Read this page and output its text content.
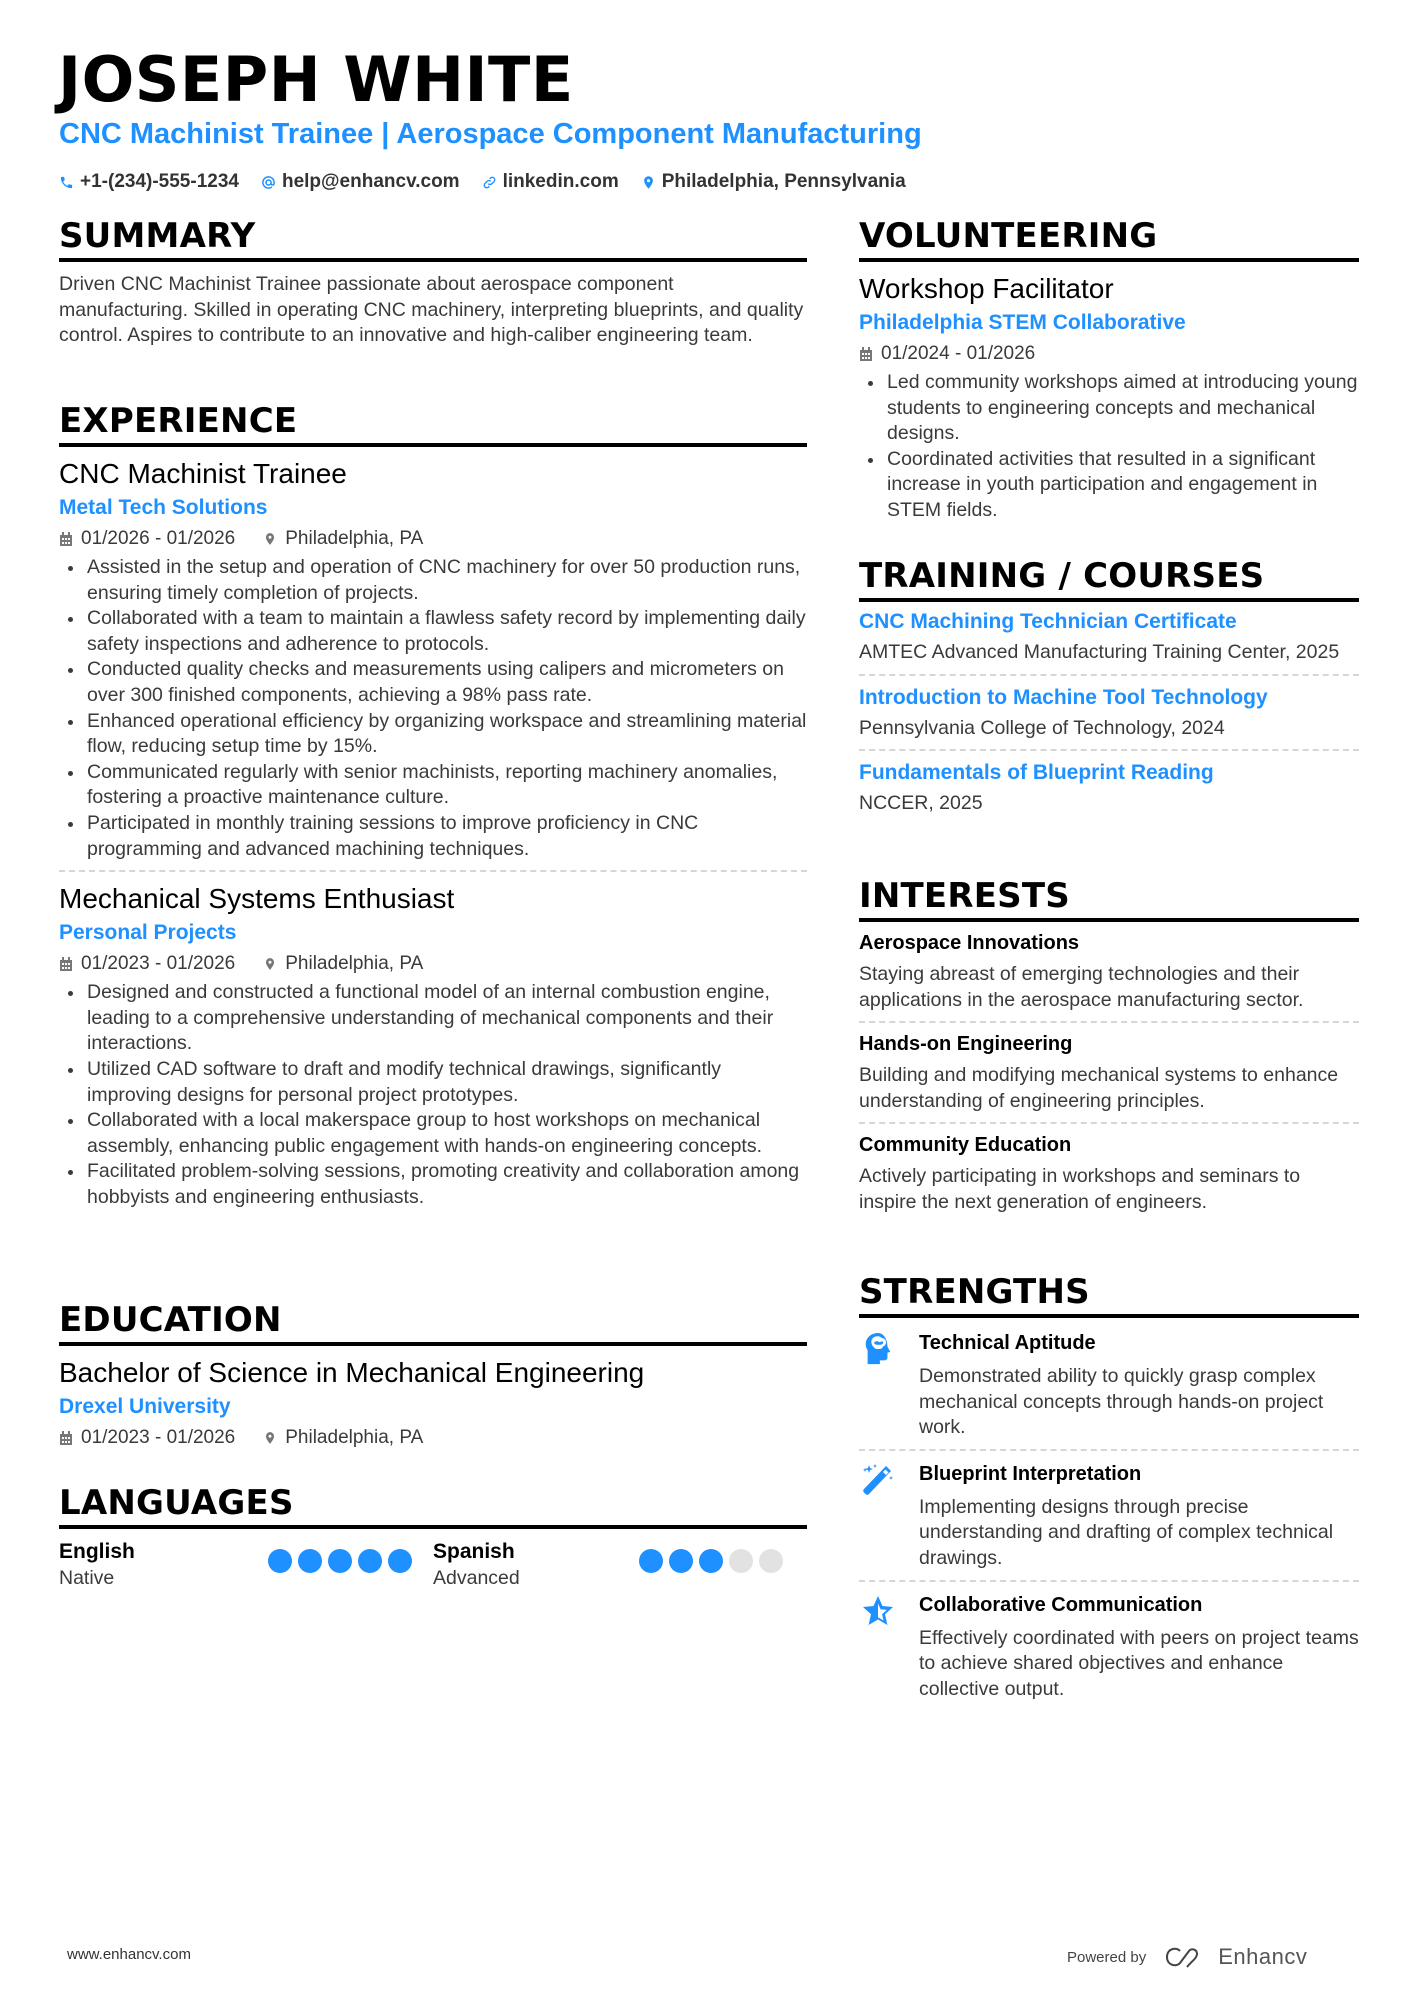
JOSEPH WHITE
CNC Machinist Trainee | Aerospace Component Manufacturing
+1-(234)-555-1234 help@enhancv.com linkedin.com Philadelphia, Pennsylvania
SUMMARY
Driven CNC Machinist Trainee passionate about aerospace component manufacturing. Skilled in operating CNC machinery, interpreting blueprints, and quality control. Aspires to contribute to an innovative and high-caliber engineering team.
EXPERIENCE
CNC Machinist Trainee
Metal Tech Solutions
01/2026 - 01/2026	Philadelphia, PA
Assisted in the setup and operation of CNC machinery for over 50 production runs, ensuring timely completion of projects.
Collaborated with a team to maintain a flawless safety record by implementing daily safety inspections and adherence to protocols.
Conducted quality checks and measurements using calipers and micrometers on over 300 finished components, achieving a 98% pass rate.
Enhanced operational efficiency by organizing workspace and streamlining material flow, reducing setup time by 15%.
Communicated regularly with senior machinists, reporting machinery anomalies, fostering a proactive maintenance culture.
Participated in monthly training sessions to improve proficiency in CNC programming and advanced machining techniques.
Mechanical Systems Enthusiast
Personal Projects
01/2023 - 01/2026	Philadelphia, PA
Designed and constructed a functional model of an internal combustion engine, leading to a comprehensive understanding of mechanical components and their interactions.
Utilized CAD software to draft and modify technical drawings, significantly improving designs for personal project prototypes.
Collaborated with a local makerspace group to host workshops on mechanical assembly, enhancing public engagement with hands-on engineering concepts.
Facilitated problem-solving sessions, promoting creativity and collaboration among hobbyists and engineering enthusiasts.
EDUCATION
Bachelor of Science in Mechanical Engineering
Drexel University
01/2023 - 01/2026	Philadelphia, PA
LANGUAGES
English
Native
Spanish
Advanced
VOLUNTEERING
Workshop Facilitator
Philadelphia STEM Collaborative
01/2024 - 01/2026
Led community workshops aimed at introducing young students to engineering concepts and mechanical designs.
Coordinated activities that resulted in a significant increase in youth participation and engagement in STEM fields.
TRAINING / COURSES
CNC Machining Technician Certificate
AMTEC Advanced Manufacturing Training Center, 2025
Introduction to Machine Tool Technology
Pennsylvania College of Technology, 2024
Fundamentals of Blueprint Reading
NCCER, 2025
INTERESTS
Aerospace Innovations
Staying abreast of emerging technologies and their applications in the aerospace manufacturing sector.
Hands-on Engineering
Building and modifying mechanical systems to enhance understanding of engineering principles.
Community Education
Actively participating in workshops and seminars to inspire the next generation of engineers.
STRENGTHS
Technical Aptitude
Demonstrated ability to quickly grasp complex mechanical concepts through hands-on project work.
Blueprint Interpretation
Implementing designs through precise understanding and drafting of complex technical drawings.
Collaborative Communication
Effectively coordinated with peers on project teams to achieve shared objectives and enhance collective output.
www.enhancv.com	Powered by	Enhancv
